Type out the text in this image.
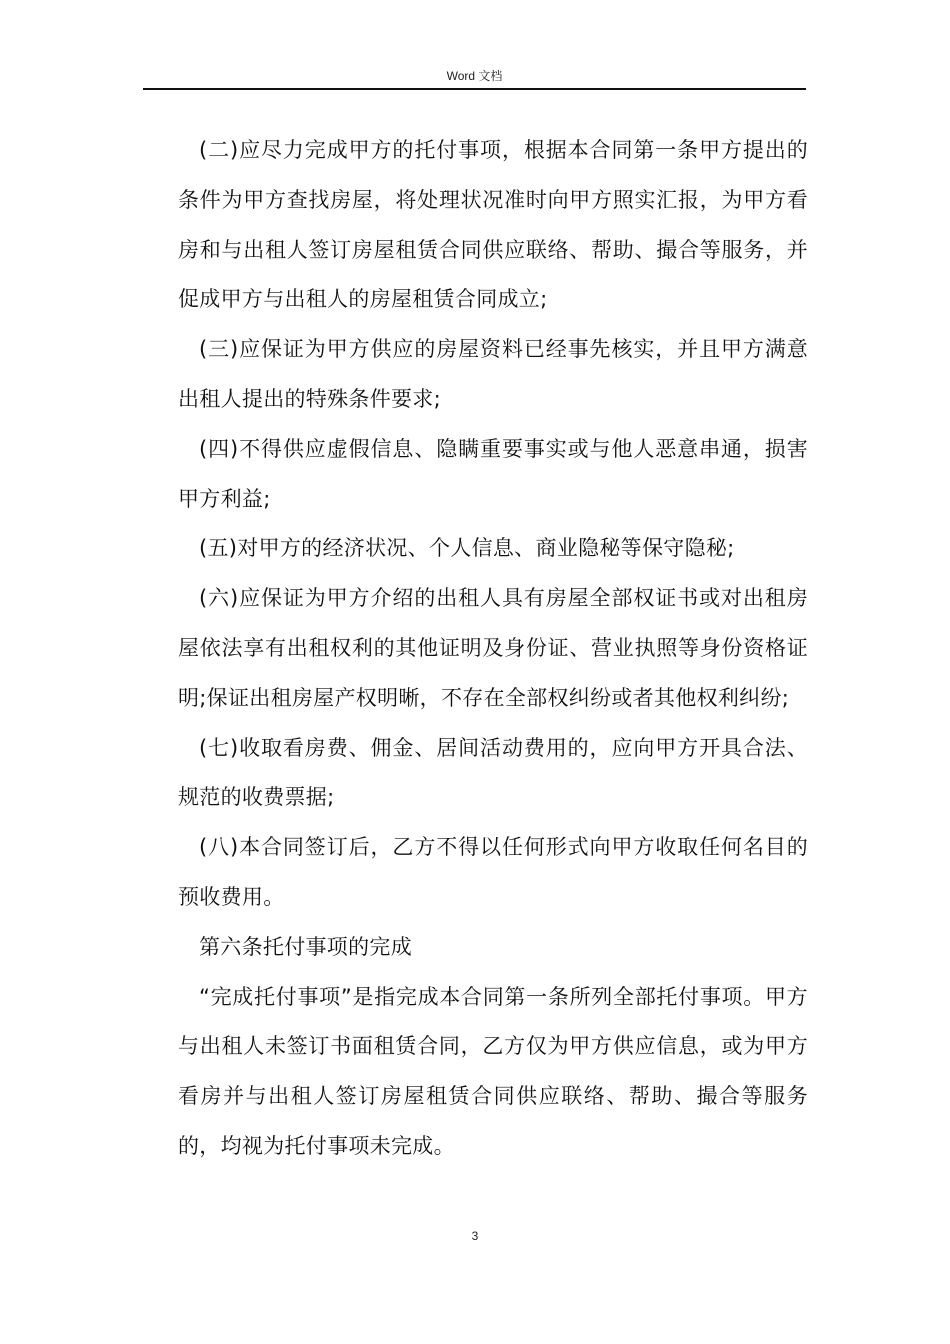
Word 文档

(二)应尽力完成甲方的托付事项，根据本合同第一条甲方提出的条件为甲方查找房屋，将处理状况准时向甲方照实汇报，为甲方看房和与出租人签订房屋租赁合同供应联络、帮助、撮合等服务，并促成甲方与出租人的房屋租赁合同成立;

(三)应保证为甲方供应的房屋资料已经事先核实，并且甲方满意出租人提出的特殊条件要求;

(四)不得供应虚假信息、隐瞒重要事实或与他人恶意串通，损害甲方利益;

(五)对甲方的经济状况、个人信息、商业隐秘等保守隐秘;

(六)应保证为甲方介绍的出租人具有房屋全部权证书或对出租房屋依法享有出租权利的其他证明及身份证、营业执照等身份资格证明;保证出租房屋产权明晰，不存在全部权纠纷或者其他权利纠纷;

(七)收取看房费、佣金、居间活动费用的，应向甲方开具合法、规范的收费票据;

(八)本合同签订后，乙方不得以任何形式向甲方收取任何名目的预收费用。

第六条托付事项的完成

“完成托付事项”是指完成本合同第一条所列全部托付事项。甲方与出租人未签订书面租赁合同，乙方仅为甲方供应信息，或为甲方看房并与出租人签订房屋租赁合同供应联络、帮助、撮合等服务的，均视为托付事项未完成。

3
